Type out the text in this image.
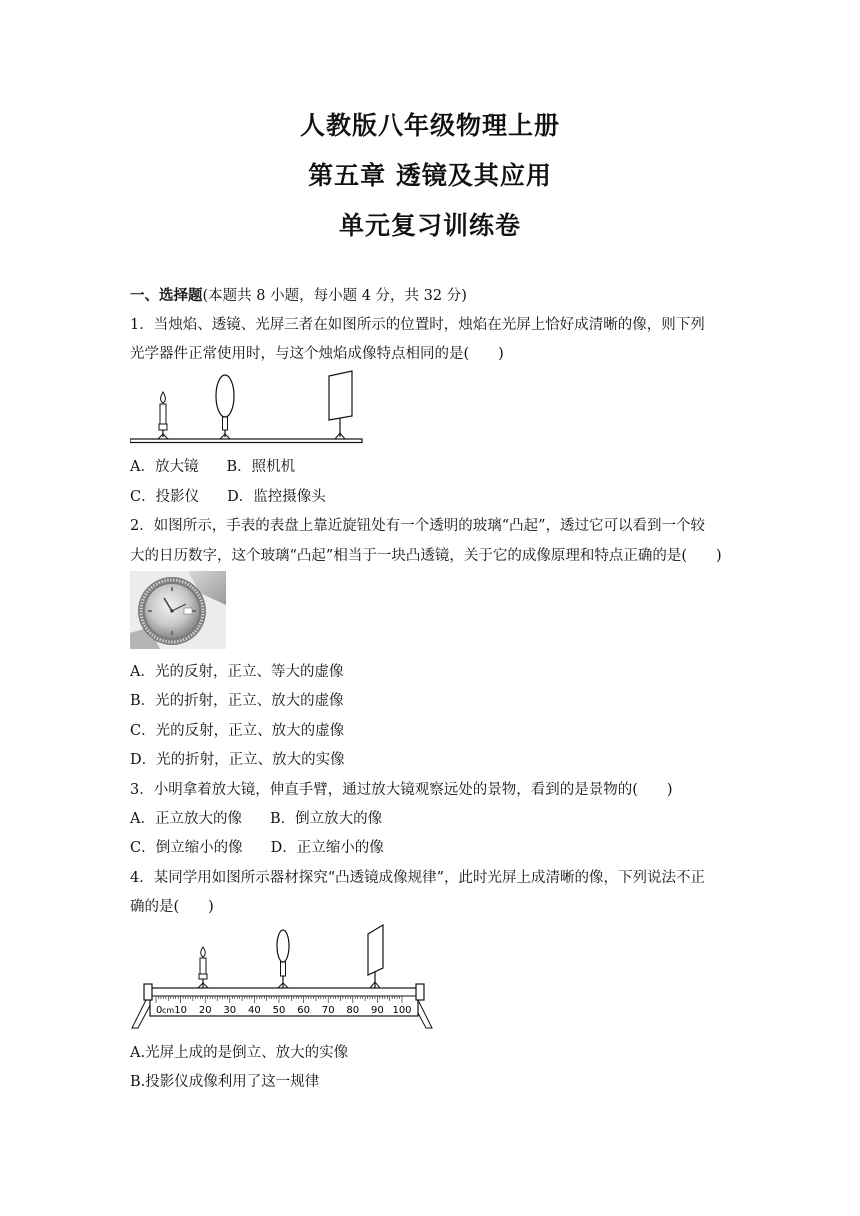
人教版八年级物理上册
第五章 透镜及其应用
单元复习训练卷
一、选择题(本题共 8 小题，每小题 4 分，共 32 分)
1．当烛焰、透镜、光屏三者在如图所示的位置时，烛焰在光屏上恰好成清晰的像，则下列
光学器件正常使用时，与这个烛焰成像特点相同的是(　　)
A．放大镜 B．照机机
C．投影仪 D．监控摄像头
2．如图所示，手表的表盘上靠近旋钮处有一个透明的玻璃“凸起”，透过它可以看到一个较
大的日历数字，这个玻璃“凸起”相当于一块凸透镜，关于它的成像原理和特点正确的是(　　)
A．光的反射，正立、等大的虚像
B．光的折射，正立、放大的虚像
C．光的反射，正立、放大的虚像
D．光的折射，正立、放大的实像
3．小明拿着放大镜，伸直手臂，通过放大镜观察远处的景物，看到的是景物的(　　)
A．正立放大的像 B．倒立放大的像
C．倒立缩小的像 D．正立缩小的像
4．某同学用如图所示器材探究“凸透镜成像规律”，此时光屏上成清晰的像，下列说法不正
确的是(　　)
0 cm 10 20 30 40 50 60 70 80 90 100
A.光屏上成的是倒立、放大的实像
B.投影仪成像利用了这一规律
